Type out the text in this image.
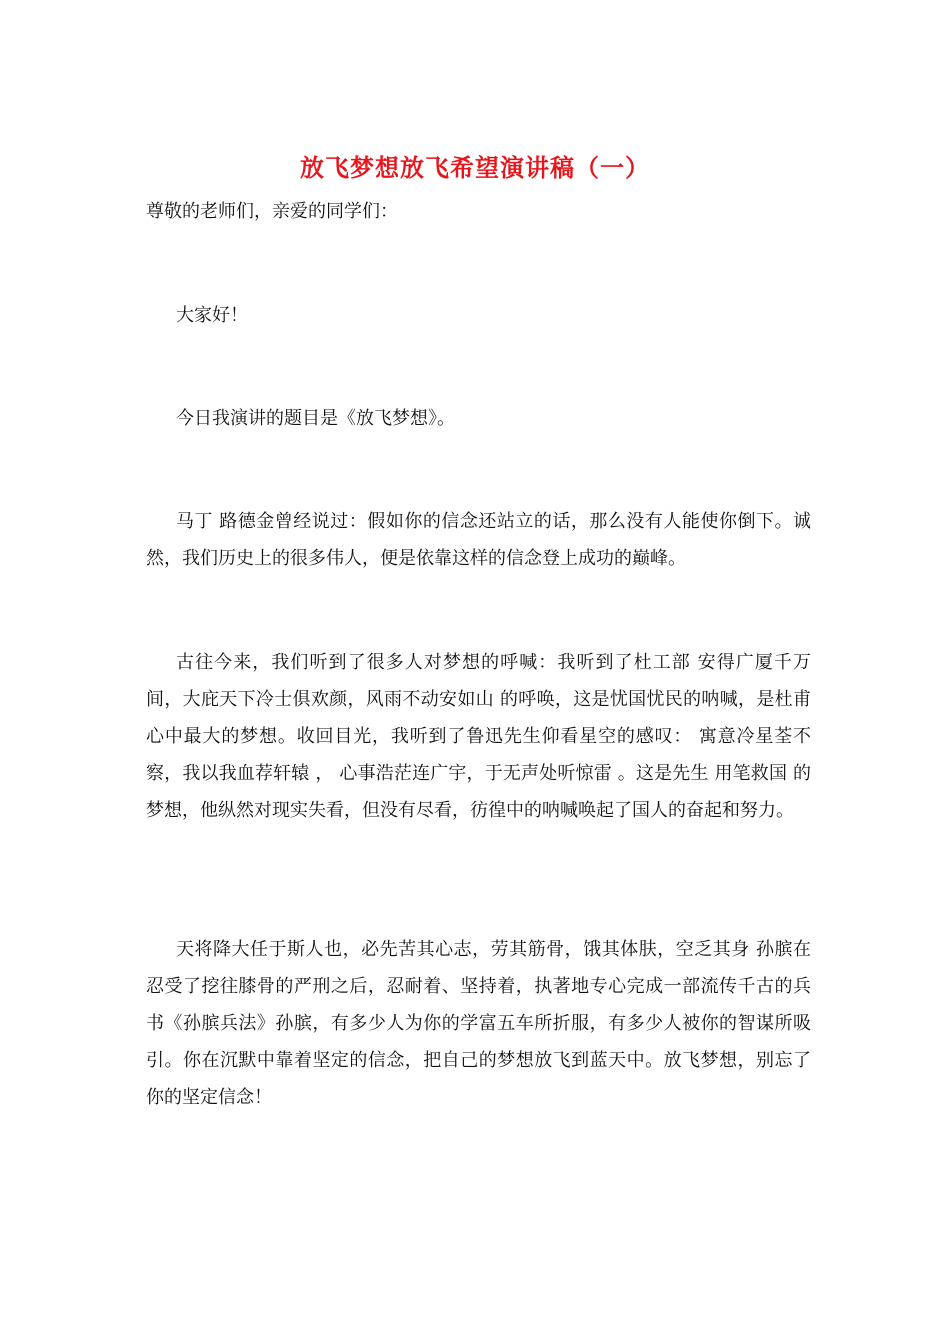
放飞梦想放飞希望演讲稿（一）
尊敬的老师们，亲爱的同学们：
大家好！
今日我演讲的题目是《放飞梦想》。
马丁 路德金曾经说过：假如你的信念还站立的话，那么没有人能使你倒下。诚然，我们历史上的很多伟人，便是依靠这样的信念登上成功的巅峰。
古往今来，我们听到了很多人对梦想的呼喊：我听到了杜工部 安得广厦千万间，大庇天下冷士俱欢颜，风雨不动安如山 的呼唤，这是忧国忧民的呐喊，是杜甫心中最大的梦想。收回目光，我听到了鲁迅先生仰看星空的感叹： 寓意冷星荃不察，我以我血荐轩辕 ， 心事浩茫连广宇，于无声处听惊雷 。这是先生 用笔救国 的梦想，他纵然对现实失看，但没有尽看，彷徨中的呐喊唤起了国人的奋起和努力。
天将降大任于斯人也，必先苦其心志，劳其筋骨，饿其体肤，空乏其身 孙膑在忍受了挖往膝骨的严刑之后，忍耐着、坚持着，执著地专心完成一部流传千古的兵书《孙膑兵法》孙膑，有多少人为你的学富五车所折服，有多少人被你的智谋所吸引。你在沉默中靠着坚定的信念，把自己的梦想放飞到蓝天中。放飞梦想，别忘了你的坚定信念！
